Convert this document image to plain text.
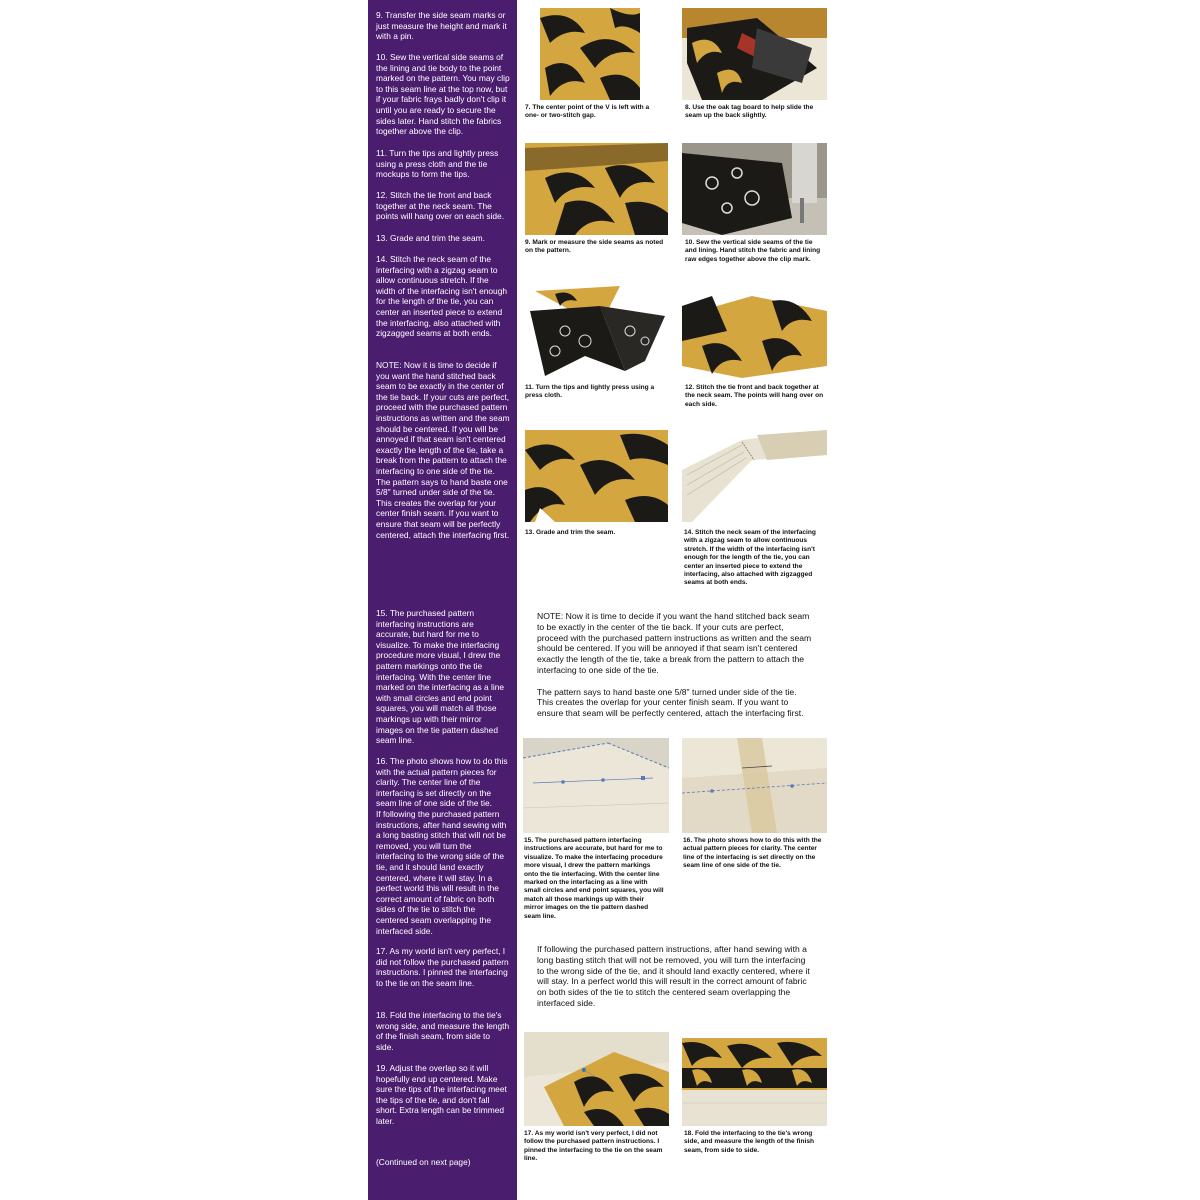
9. Transfer the side seam marks or just measure the height and mark it with a pin.

10. Sew the vertical side seams of the lining and tie body to the point marked on the pattern. You may clip to this seam line at the top now, but if your fabric frays badly don't clip it until you are ready to secure the sides later. Hand stitch the fabrics together above the clip.

11. Turn the tips and lightly press using a press cloth and the tie mockups to form the tips.

12. Stitch the tie front and back together at the neck seam. The points will hang over on each side.

13. Grade and trim the seam.

14. Stitch the neck seam of the interfacing with a zigzag seam to allow continuous stretch. If the width of the interfacing isn't enough for the length of the tie, you can center an inserted piece to extend the interfacing, also attached with zigzagged seams at both ends.

NOTE: Now it is time to decide if you want the hand stitched back seam to be exactly in the center of the tie back. If your cuts are perfect, proceed with the purchased pattern instructions as written and the seam should be centered. If you will be annoyed if that seam isn't centered exactly the length of the tie, take a break from the pattern to attach the interfacing to one side of the tie.
The pattern says to hand baste one 5/8" turned under side of the tie. This creates the overlap for your center finish seam. If you want to ensure that seam will be perfectly centered, attach the interfacing first.

15. The purchased pattern interfacing instructions are accurate, but hard for me to visualize. To make the interfacing procedure more visual, I drew the pattern markings onto the tie interfacing. With the center line marked on the interfacing as a line with small circles and end point squares, you will match all those markings up with their mirror images on the tie pattern dashed seam line.

16. The photo shows how to do this with the actual pattern pieces for clarity. The center line of the interfacing is set directly on the seam line of one side of the tie.
If following the purchased pattern instructions, after hand sewing with a long basting stitch that will not be removed, you will turn the interfacing to the wrong side of the tie, and it should land exactly centered, where it will stay. In a perfect world this will result in the correct amount of fabric on both sides of the tie to stitch the centered seam overlapping the interfaced side.

17. As my world isn't very perfect, I did not follow the purchased pattern instructions. I pinned the interfacing to the tie on the seam line.

18. Fold the interfacing to the tie's wrong side, and measure the length of the finish seam, from side to side.

19. Adjust the overlap so it will hopefully end up centered. Make sure the tips of the interfacing meet the tips of the tie, and don't fall short. Extra length can be trimmed later.

(Continued on next page)

7. The center point of the V is left with a one- or two-stitch gap.

8. Use the oak tag board to help slide the seam up the back slightly.

9. Mark or measure the side seams as noted on the pattern.

10. Sew the vertical side seams of the tie and lining. Hand stitch the fabric and lining raw edges together above the clip mark.

11. Turn the tips and lightly press using a press cloth.

12. Stitch the tie front and back together at the neck seam. The points will hang over on each side.

13. Grade and trim the seam.	14. Stitch the neck seam of the interfacing with a zigzag seam to allow continuous stretch. If the width of the interfacing isn't enough for the length of the tie, you can center an inserted piece to extend the interfacing, also attached with zigzagged seams at both ends.

NOTE: Now it is time to decide if you want the hand stitched back seam
to be exactly in the center of the tie back. If your cuts are perfect,
proceed with the purchased pattern instructions as written and the seam
should be centered. If you will be annoyed if that seam isn't centered
exactly the length of the tie, take a break from the pattern to attach the
interfacing to one side of the tie.

The pattern says to hand baste one 5/8" turned under side of the tie.
This creates the overlap for your center finish seam. If you want to
ensure that seam will be perfectly centered, attach the interfacing first.

15. The purchased pattern interfacing instructions are accurate, but hard for me to visualize. To make the interfacing procedure more visual, I drew the pattern markings onto the tie interfacing. With the center line marked on the interfacing as a line with small circles and end point squares, you will match all those markings up with their mirror images on the tie pattern dashed seam line.

16. The photo shows how to do this with the actual pattern pieces for clarity. The center line of the interfacing is set directly on the seam line of one side of the tie.

If following the purchased pattern instructions, after hand sewing with a
long basting stitch that will not be removed, you will turn the interfacing
to the wrong side of the tie, and it should land exactly centered, where it
will stay. In a perfect world this will result in the correct amount of fabric
on both sides of the tie to stitch the centered seam overlapping the
interfaced side.

17. As my world isn't very perfect, I did not follow the purchased pattern instructions. I pinned the interfacing to the tie on the seam line.

18. Fold the interfacing to the tie's wrong side, and measure the length of the finish seam, from side to side.
